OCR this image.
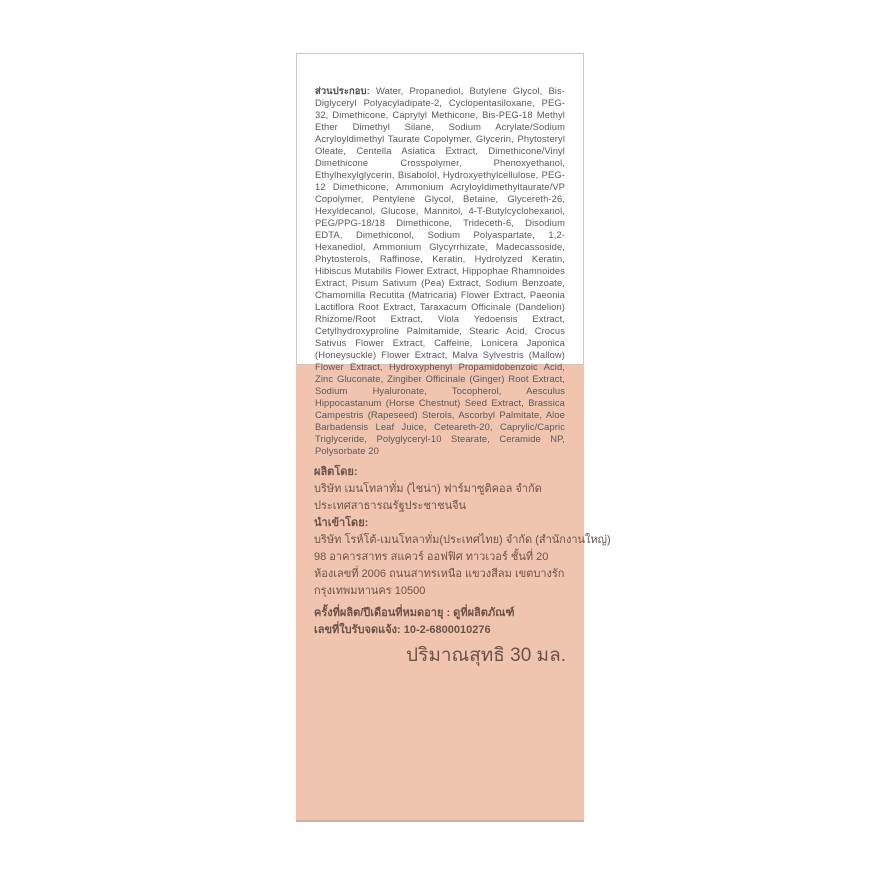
ส่วนประกอบ: Water, Propanediol, Butylene Glycol, Bis-Diglyceryl Polyacyladipate-2, Cyclopentasiloxane, PEG-32, Dimethicone, Caprylyl Methicone, Bis-PEG-18 Methyl Ether Dimethyl Silane, Sodium Acrylate/Sodium Acryloyldimethyl Taurate Copolymer, Glycerin, Phytosteryl Oleate, Centella Asiatica Extract, Dimethicone/Vinyl Dimethicone Crosspolymer, Phenoxyethanol, Ethylhexylglycerin, Bisabolol, Hydroxyethylcellulose, PEG-12 Dimethicone, Ammonium Acryloyldimethyltaurate/VP Copolymer, Pentylene Glycol, Betaine, Glycereth-26, Hexyldecanol, Glucose, Mannitol, 4-T-Butylcyclohexanol, PEG/PPG-18/18 Dimethicone, Trideceth-6, Disodium EDTA, Dimethiconol, Sodium Polyaspartate, 1,2-Hexanediol, Ammonium Glycyrrhizate, Madecassoside, Phytosterols, Raffinose, Keratin, Hydrolyzed Keratin, Hibiscus Mutabilis Flower Extract, Hippophae Rhamnoides Extract, Pisum Sativum (Pea) Extract, Sodium Benzoate, Chamomilla Recutita (Matricaria) Flower Extract, Paeonia Lactiflora Root Extract, Taraxacum Officinale (Dandelion) Rhizome/Root Extract, Viola Yedoensis Extract, Cetylhydroxyproline Palmitamide, Stearic Acid, Crocus Sativus Flower Extract, Caffeine, Lonicera Japonica (Honeysuckle) Flower Extract, Malva Sylvestris (Mallow) Flower Extract, Hydroxyphenyl Propamidobenzoic Acid, Zinc Gluconate, Zingiber Officinale (Ginger) Root Extract, Sodium Hyaluronate, Tocopherol, Aesculus Hippocastanum (Horse Chestnut) Seed Extract, Brassica Campestris (Rapeseed) Sterols, Ascorbyl Palmitate, Aloe Barbadensis Leaf Juice, Ceteareth-20, Caprylic/Capric Triglyceride, Polyglyceryl-10 Stearate, Ceramide NP, Polysorbate 20

ผลิตโดย:
บริษัท เมนโทลาทั่ม (ไชน่า) ฟาร์มาซูติคอล จำกัด
ประเทศสาธารณรัฐประชาชนจีน
นำเข้าโดย:
บริษัท โรห์โต้-เมนโทลาทั่ม(ประเทศไทย) จำกัด (สำนักงานใหญ่)
98 อาคารสาทร สแควร์ ออฟฟิศ ทาวเวอร์ ชั้นที่ 20
ห้องเลขที่ 2006 ถนนสาทรเหนือ แขวงสีลม เขตบางรัก
กรุงเทพมหานคร 10500
ครั้งที่ผลิต/ปีเดือนที่หมดอายุ : ดูที่ผลิตภัณฑ์
เลขที่ใบรับจดแจ้ง: 10-2-6800010276
ปริมาณสุทธิ 30 มล.
